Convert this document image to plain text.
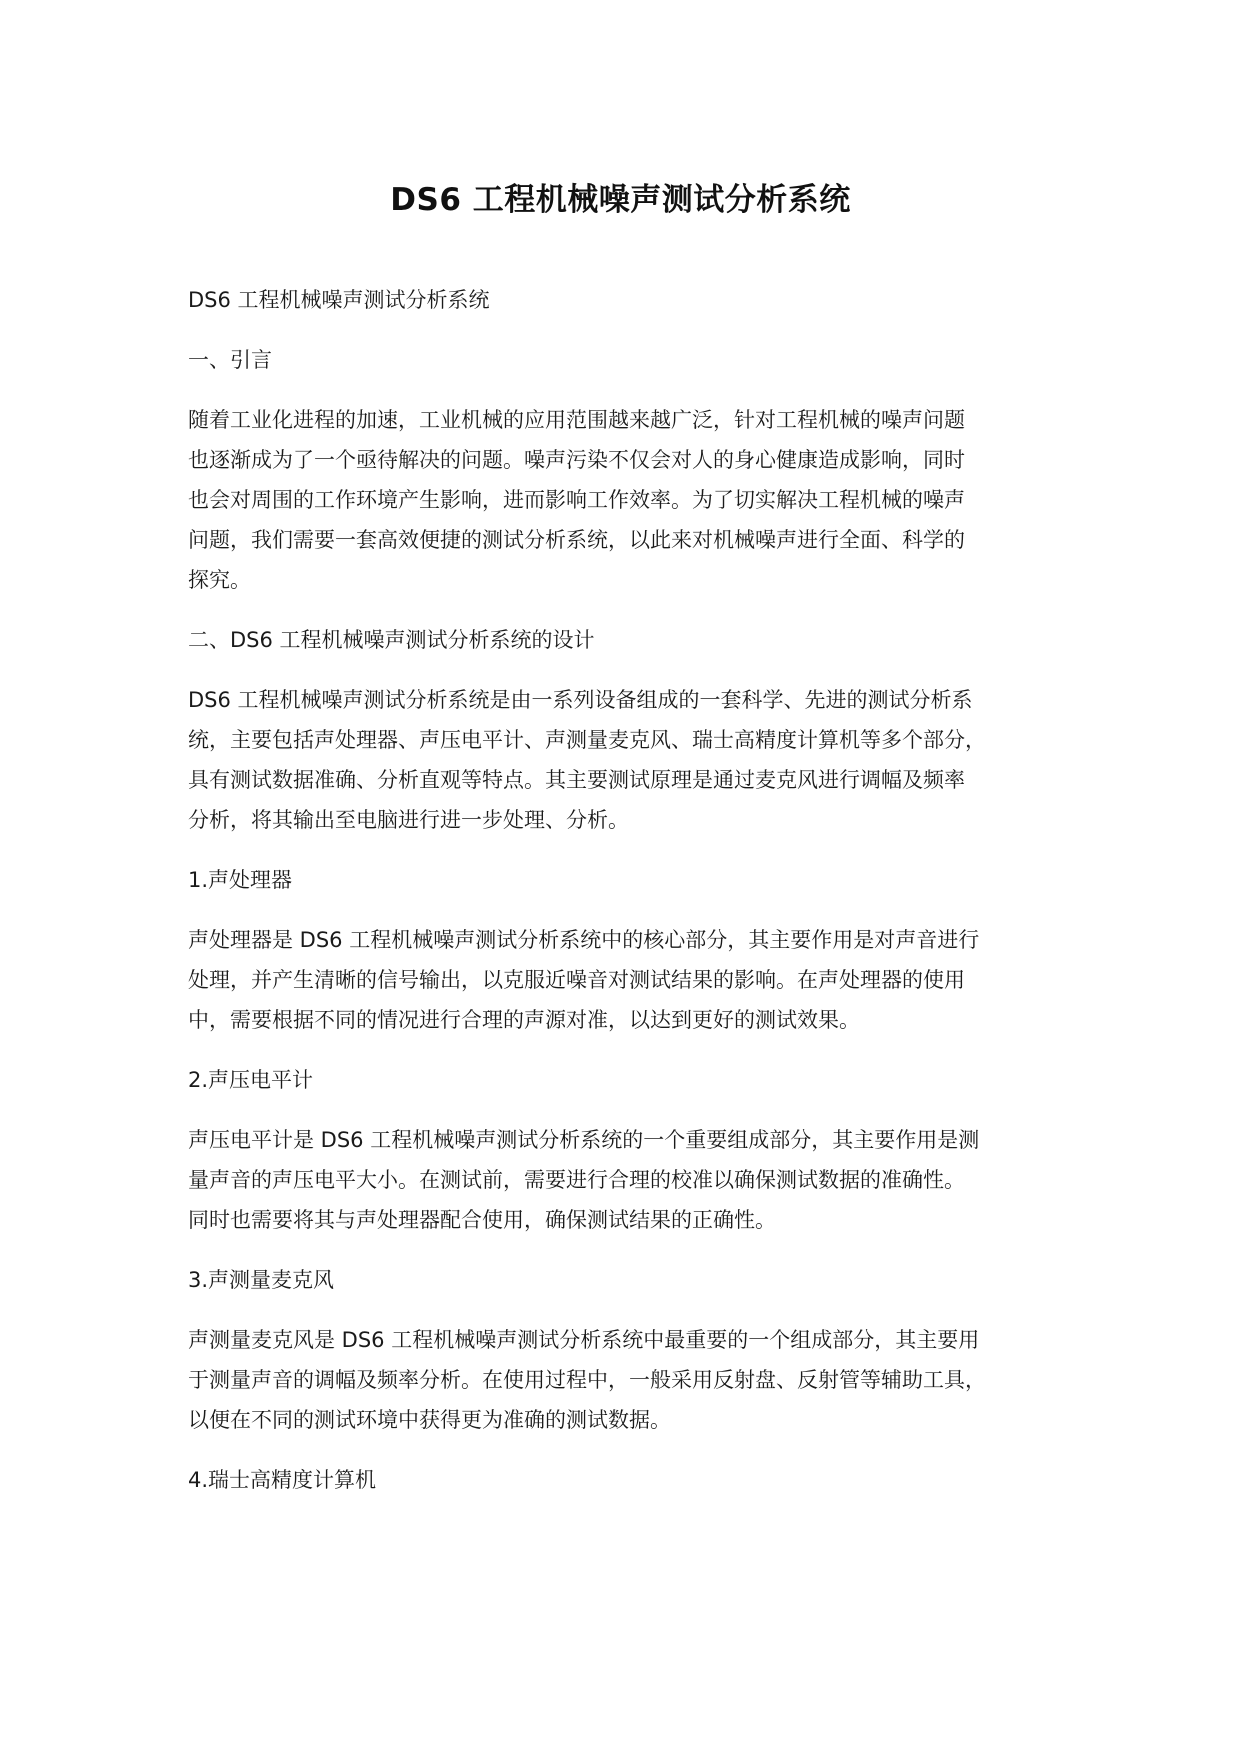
DS6 工程机械噪声测试分析系统

DS6 工程机械噪声测试分析系统

一、引言

随着工业化进程的加速，工业机械的应用范围越来越广泛，针对工程机械的噪声问题

也逐渐成为了一个亟待解决的问题。噪声污染不仅会对人的身心健康造成影响，同时

也会对周围的工作环境产生影响，进而影响工作效率。为了切实解决工程机械的噪声

问题，我们需要一套高效便捷的测试分析系统，以此来对机械噪声进行全面、科学的

探究。

二、DS6 工程机械噪声测试分析系统的设计

DS6 工程机械噪声测试分析系统是由一系列设备组成的一套科学、先进的测试分析系

统，主要包括声处理器、声压电平计、声测量麦克风、瑞士高精度计算机等多个部分，

具有测试数据准确、分析直观等特点。其主要测试原理是通过麦克风进行调幅及频率

分析，将其输出至电脑进行进一步处理、分析。

1.声处理器

声处理器是 DS6 工程机械噪声测试分析系统中的核心部分，其主要作用是对声音进行

处理，并产生清晰的信号输出，以克服近噪音对测试结果的影响。在声处理器的使用

中，需要根据不同的情况进行合理的声源对准，以达到更好的测试效果。

2.声压电平计

声压电平计是 DS6 工程机械噪声测试分析系统的一个重要组成部分，其主要作用是测

量声音的声压电平大小。在测试前，需要进行合理的校准以确保测试数据的准确性。

同时也需要将其与声处理器配合使用，确保测试结果的正确性。

3.声测量麦克风

声测量麦克风是 DS6 工程机械噪声测试分析系统中最重要的一个组成部分，其主要用

于测量声音的调幅及频率分析。在使用过程中，一般采用反射盘、反射管等辅助工具，

以便在不同的测试环境中获得更为准确的测试数据。

4.瑞士高精度计算机
